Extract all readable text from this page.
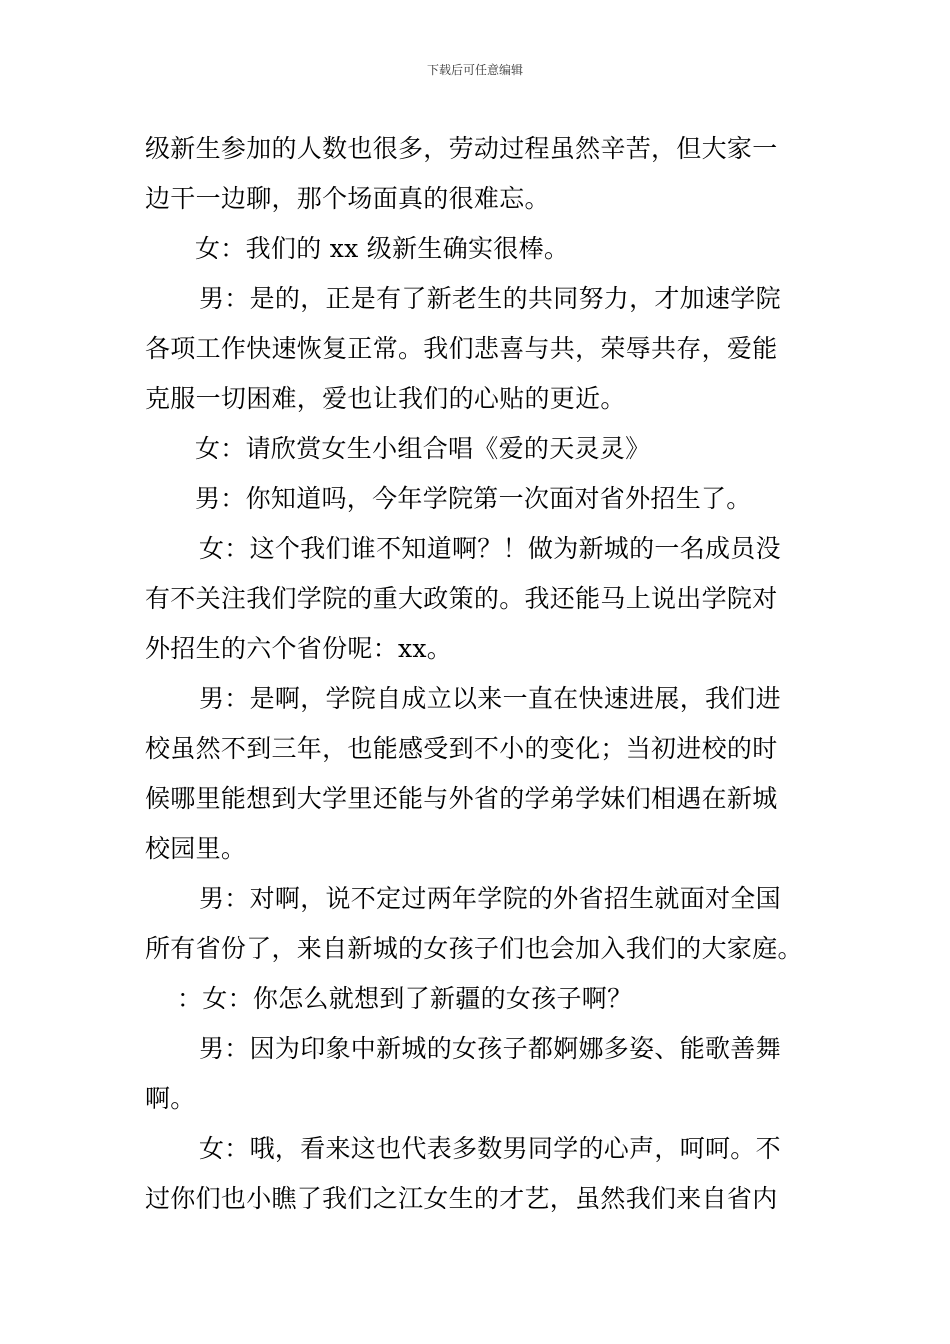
下载后可任意编辑
级新生参加的人数也很多，劳动过程虽然辛苦，但大家一
边干一边聊，那个场面真的很难忘。
女：我们的 xx 级新生确实很棒。
男：是的，正是有了新老生的共同努力，才加速学院
各项工作快速恢复正常。我们悲喜与共，荣辱共存，爱能
克服一切困难，爱也让我们的心贴的更近。
女：请欣赏女生小组合唱《爱的天灵灵》
男：你知道吗，今年学院第一次面对省外招生了。
女：这个我们谁不知道啊？！做为新城的一名成员没
有不关注我们学院的重大政策的。我还能马上说出学院对
外招生的六个省份呢：xx。
男：是啊，学院自成立以来一直在快速进展，我们进
校虽然不到三年，也能感受到不小的变化；当初进校的时
候哪里能想到大学里还能与外省的学弟学妹们相遇在新城
校园里。
男：对啊，说不定过两年学院的外省招生就面对全国
所有省份了，来自新城的女孩子们也会加入我们的大家庭。
：女：你怎么就想到了新疆的女孩子啊？
男：因为印象中新城的女孩子都婀娜多姿、能歌善舞
啊。
女：哦，看来这也代表多数男同学的心声，呵呵。不
过你们也小瞧了我们之江女生的才艺，虽然我们来自省内
